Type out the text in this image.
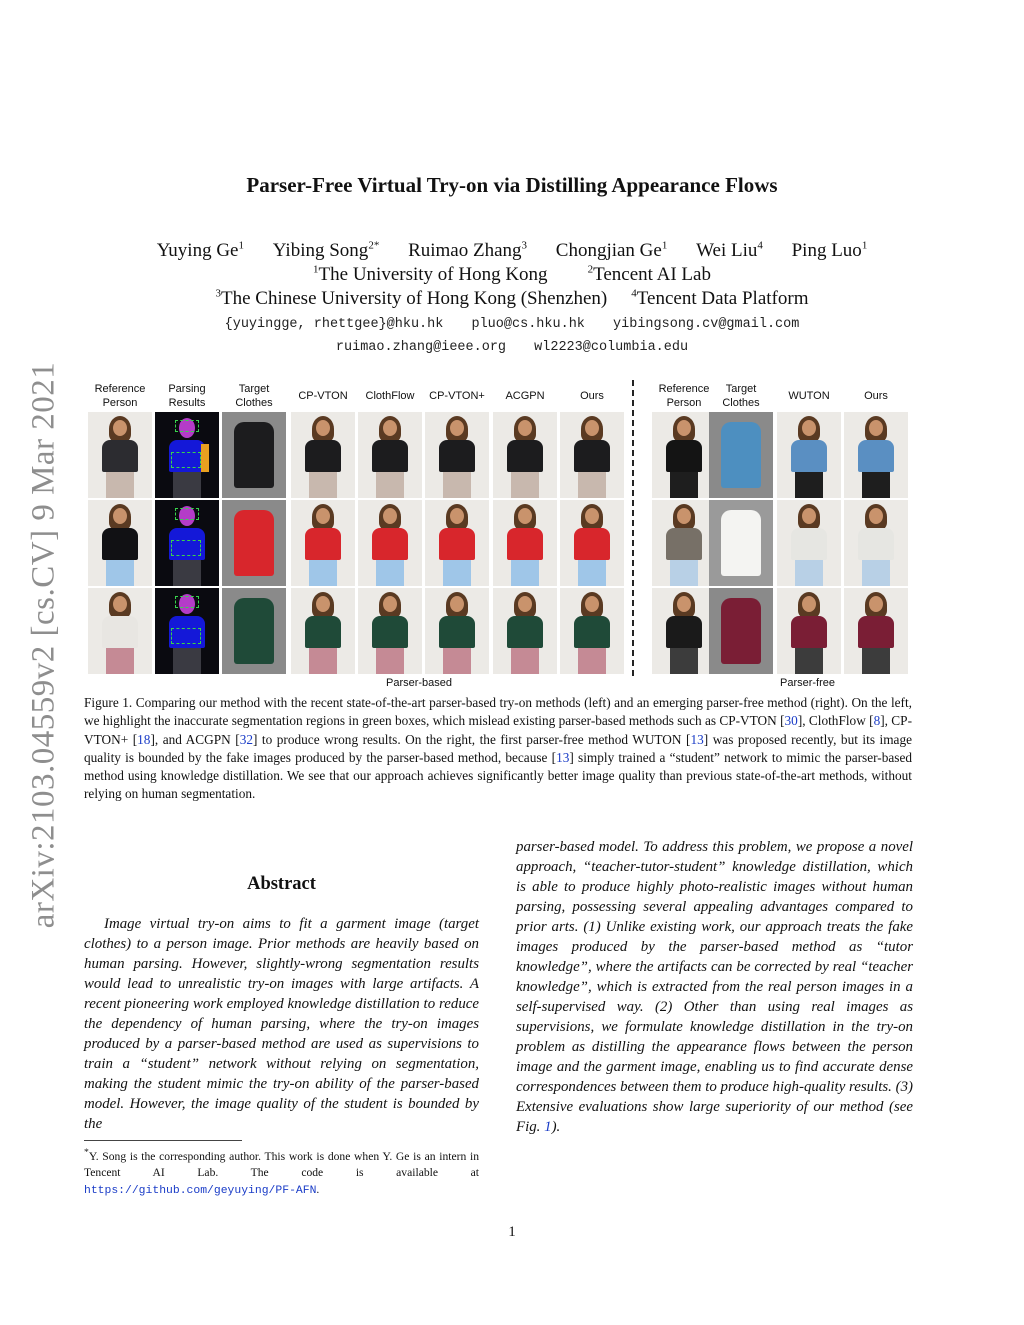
arXiv:2103.04559v2 [cs.CV] 9 Mar 2021
Parser-Free Virtual Try-on via Distilling Appearance Flows
Yuying Ge$^1$ Yibing Song$^{2*}$ Ruimao Zhang$^3$ Chongjian Ge$^1$ Wei Liu$^4$ Ping Luo$^1$
$^1$The University of Hong Kong	$^2$Tencent AI Lab
$^3$The Chinese University of Hong Kong (Shenzhen) $^4$Tencent Data Platform
{yuyingge, rhettgee}@hku.hk pluo@cs.hku.hk yibingsong.cv@gmail.com
ruimao.zhang@ieee.org wl2223@columbia.edu
Parser-based	Parser-free
Reference
Person
Parsing
Results
Target
Clothes
CP-VTON	ClothFlow	CP-VTON+	ACGPN	Ours
Reference
Person
Target
Clothes
WUTON	Ours
Figure 1. Comparing our method with the recent state-of-the-art parser-based try-on methods (left) and an emerging parser-free method (right). On the left, we highlight the inaccurate segmentation regions in green boxes, which mislead existing parser-based methods such as CP-VTON [30], ClothFlow [8], CP-VTON+ [18], and ACGPN [32] to produce wrong results. On the right, the first parser-free method WUTON [13] was proposed recently, but its image quality is bounded by the fake images produced by the parser-based method, because [13] simply trained a “student” network to mimic the parser-based method using knowledge distillation. We see that our approach achieves significantly better image quality than previous state-of-the-art methods, without relying on human segmentation.
Abstract
Image virtual try-on aims to fit a garment image (target clothes) to a person image. Prior methods are heavily based on human parsing. However, slightly-wrong segmentation results would lead to unrealistic try-on images with large artifacts. A recent pioneering work employed knowledge distillation to reduce the dependency of human parsing, where the try-on images produced by a parser-based method are used as supervisions to train a “student” network without relying on segmentation, making the student mimic the try-on ability of the parser-based model. However, the image quality of the student is bounded by the
parser-based model. To address this problem, we propose a novel approach, “teacher-tutor-student” knowledge distillation, which is able to produce highly photo-realistic images without human parsing, possessing several appealing advantages compared to prior arts. (1) Unlike existing work, our approach treats the fake images produced by the parser-based method as “tutor knowledge”, where the artifacts can be corrected by real “teacher knowledge”, which is extracted from the real person images in a self-supervised way. (2) Other than using real images as supervisions, we formulate knowledge distillation in the try-on problem as distilling the appearance flows between the person image and the garment image, enabling us to find accurate dense correspondences between them to produce high-quality results. (3) Extensive evaluations show large superiority of our method (see Fig. 1).
*Y. Song is the corresponding author. This work is done when Y. Ge is an intern in Tencent AI Lab. The code is available at https://github.com/geyuying/PF-AFN.
1
